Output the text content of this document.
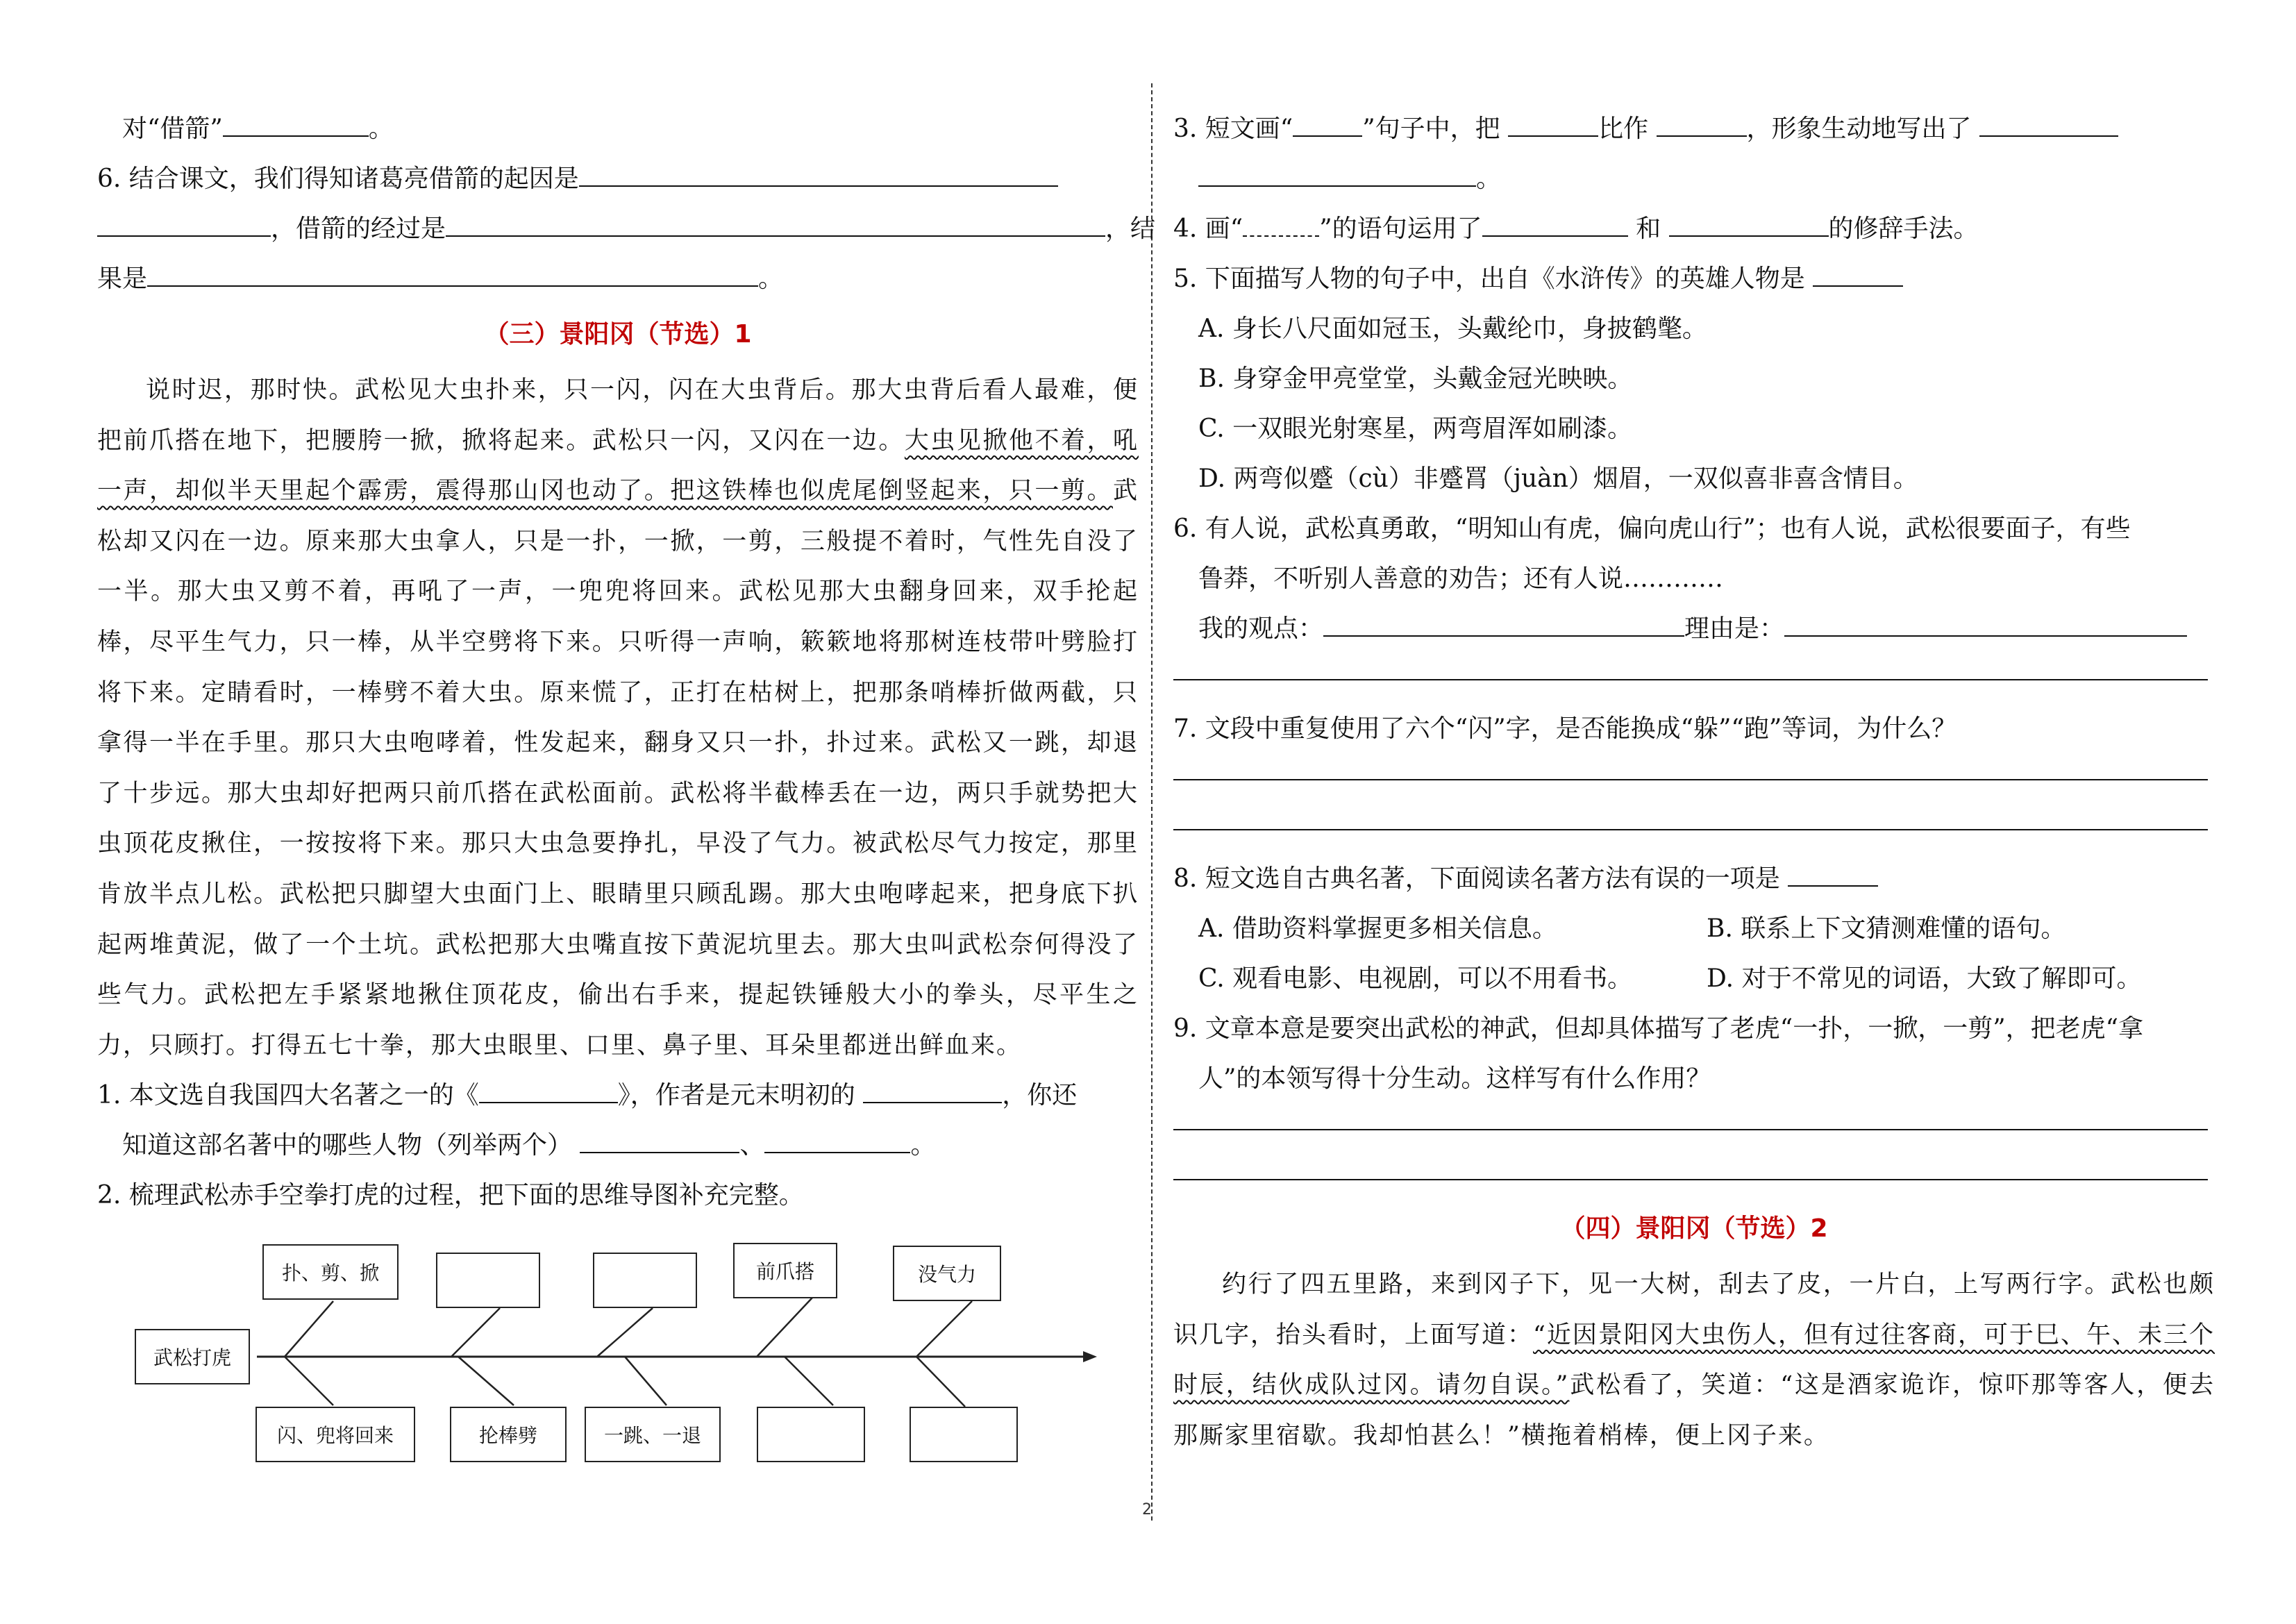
对“借箭”	。
6. 结合课文，我们得知诸葛亮借箭的起因是
，借箭的经过是	，结
果是	。
（三）景阳冈（节选）1

说时迟，那时快。武松见大虫扑来，只一闪，闪在大虫背后。那大虫背后看人最难，便把前爪搭在地下，把腰胯一掀，掀将起来。武松只一闪，又闪在一边。大虫见掀他不着，吼一声，却似半天里起个霹雳，震得那山冈也动了。把这铁棒也似虎尾倒竖起来，只一剪。武松却又闪在一边。原来那大虫拿人，只是一扑，一掀，一剪，三般提不着时，气性先自没了一半。那大虫又剪不着，再吼了一声，一兜兜将回来。武松见那大虫翻身回来，双手抡起棒，尽平生气力，只一棒，从半空劈将下来。只听得一声响，簌簌地将那树连枝带叶劈脸打将下来。定睛看时，一棒劈不着大虫。原来慌了，正打在枯树上，把那条哨棒折做两截，只拿得一半在手里。那只大虫咆哮着，性发起来，翻身又只一扑，扑过来。武松又一跳，却退了十步远。那大虫却好把两只前爪搭在武松面前。武松将半截棒丢在一边，两只手就势把大虫顶花皮揪住，一按按将下来。那只大虫急要挣扎，早没了气力。被武松尽气力按定，那里肯放半点儿松。武松把只脚望大虫面门上、眼睛里只顾乱踢。那大虫咆哮起来，把身底下扒起两堆黄泥，做了一个土坑。武松把那大虫嘴直按下黄泥坑里去。那大虫叫武松奈何得没了些气力。武松把左手紧紧地揪住顶花皮，偷出右手来，提起铁锤般大小的拳头，尽平生之力，只顾打。打得五七十拳，那大虫眼里、口里、鼻子里、耳朵里都迸出鲜血来。

1. 本文选自我国四大名著之一的《	》，作者是元末明初的	，你还
知道这部名著中的哪些人物（列举两个）	、	。
2. 梳理武松赤手空拳打虎的过程，把下面的思维导图补充完整。
武松打虎
扑、剪、掀	前爪搭	没气力
闪、兜将回来	抡棒劈	一跳、一退
3. 短文画“	”句子中，把	比作	，形象生动地写出了
。
4. 画“	”的语句运用了	和	的修辞手法。
5. 下面描写人物的句子中，出自《水浒传》的英雄人物是
A. 身长八尺面如冠玉，头戴纶巾，身披鹤氅。
B. 身穿金甲亮堂堂，头戴金冠光映映。
C. 一双眼光射寒星，两弯眉浑如刷漆。
D. 两弯似蹙（cù）非蹙罥（juàn）烟眉，一双似喜非喜含情目。
6. 有人说，武松真勇敢，“明知山有虎，偏向虎山行”；也有人说，武松很要面子，有些
鲁莽，不听别人善意的劝告；还有人说…………
我的观点：	理由是：
7. 文段中重复使用了六个“闪”字，是否能换成“躲”“跑”等词，为什么？
8. 短文选自古典名著，下面阅读名著方法有误的一项是
A. 借助资料掌握更多相关信息。	B. 联系上下文猜测难懂的语句。
C. 观看电影、电视剧，可以不用看书。	D. 对于不常见的词语，大致了解即可。
9. 文章本意是要突出武松的神武，但却具体描写了老虎“一扑，一掀，一剪”，把老虎“拿
人”的本领写得十分生动。这样写有什么作用？
（四）景阳冈（节选）2

约行了四五里路，来到冈子下，见一大树，刮去了皮，一片白，上写两行字。武松也颇识几字，抬头看时，上面写道：“近因景阳冈大虫伤人，但有过往客商，可于巳、午、未三个时辰，结伙成队过冈。请勿自误。”武松看了，笑道：“这是酒家诡诈，惊吓那等客人，便去那厮家里宿歇。我却怕甚么！”横拖着梢棒，便上冈子来。

2
